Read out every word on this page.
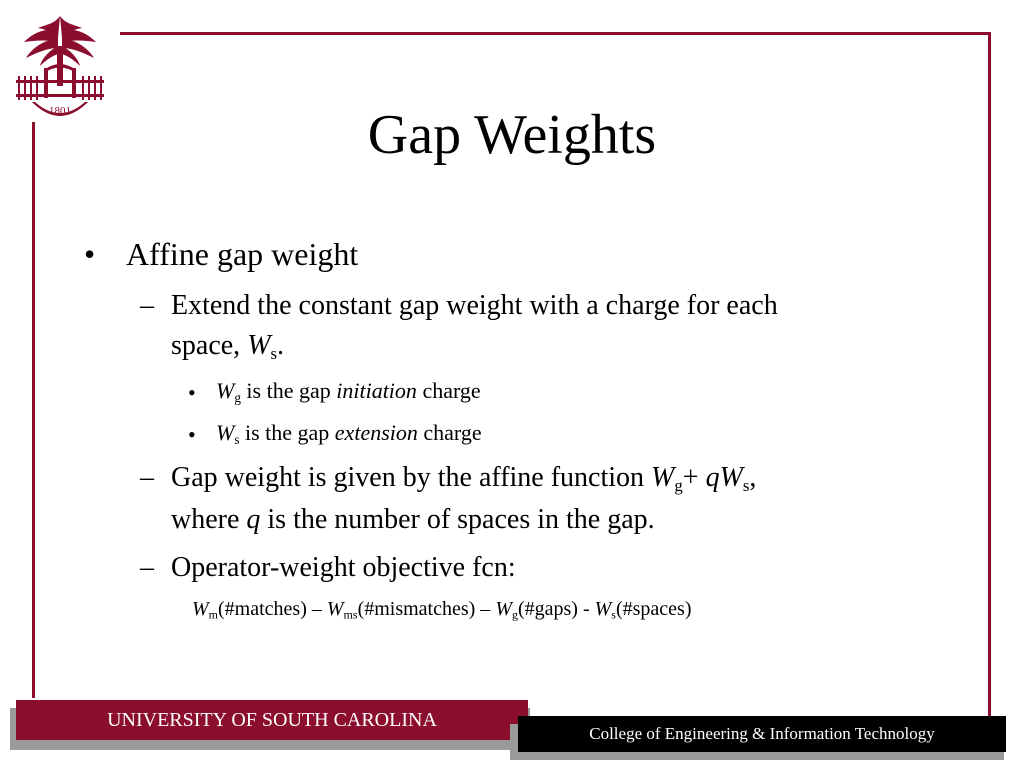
1801	Gap Weights
• Affine gap weight
– Extend the constant gap weight with a charge for each
space, $W_s$.
• $W_g$ is the gap initiation charge
• $W_s$ is the gap extension charge
– Gap weight is given by the affine function $W_g+ qW_s$,
where q is the number of spaces in the gap.
– Operator-weight objective fcn:
$W_m(\#matches)$ – $W_{ms}(\#mismatches)$ – $W_g(\#gaps)$ - $W_s(\#spaces)$
UNIVERSITY OF SOUTH CAROLINA
College of Engineering & Information Technology
